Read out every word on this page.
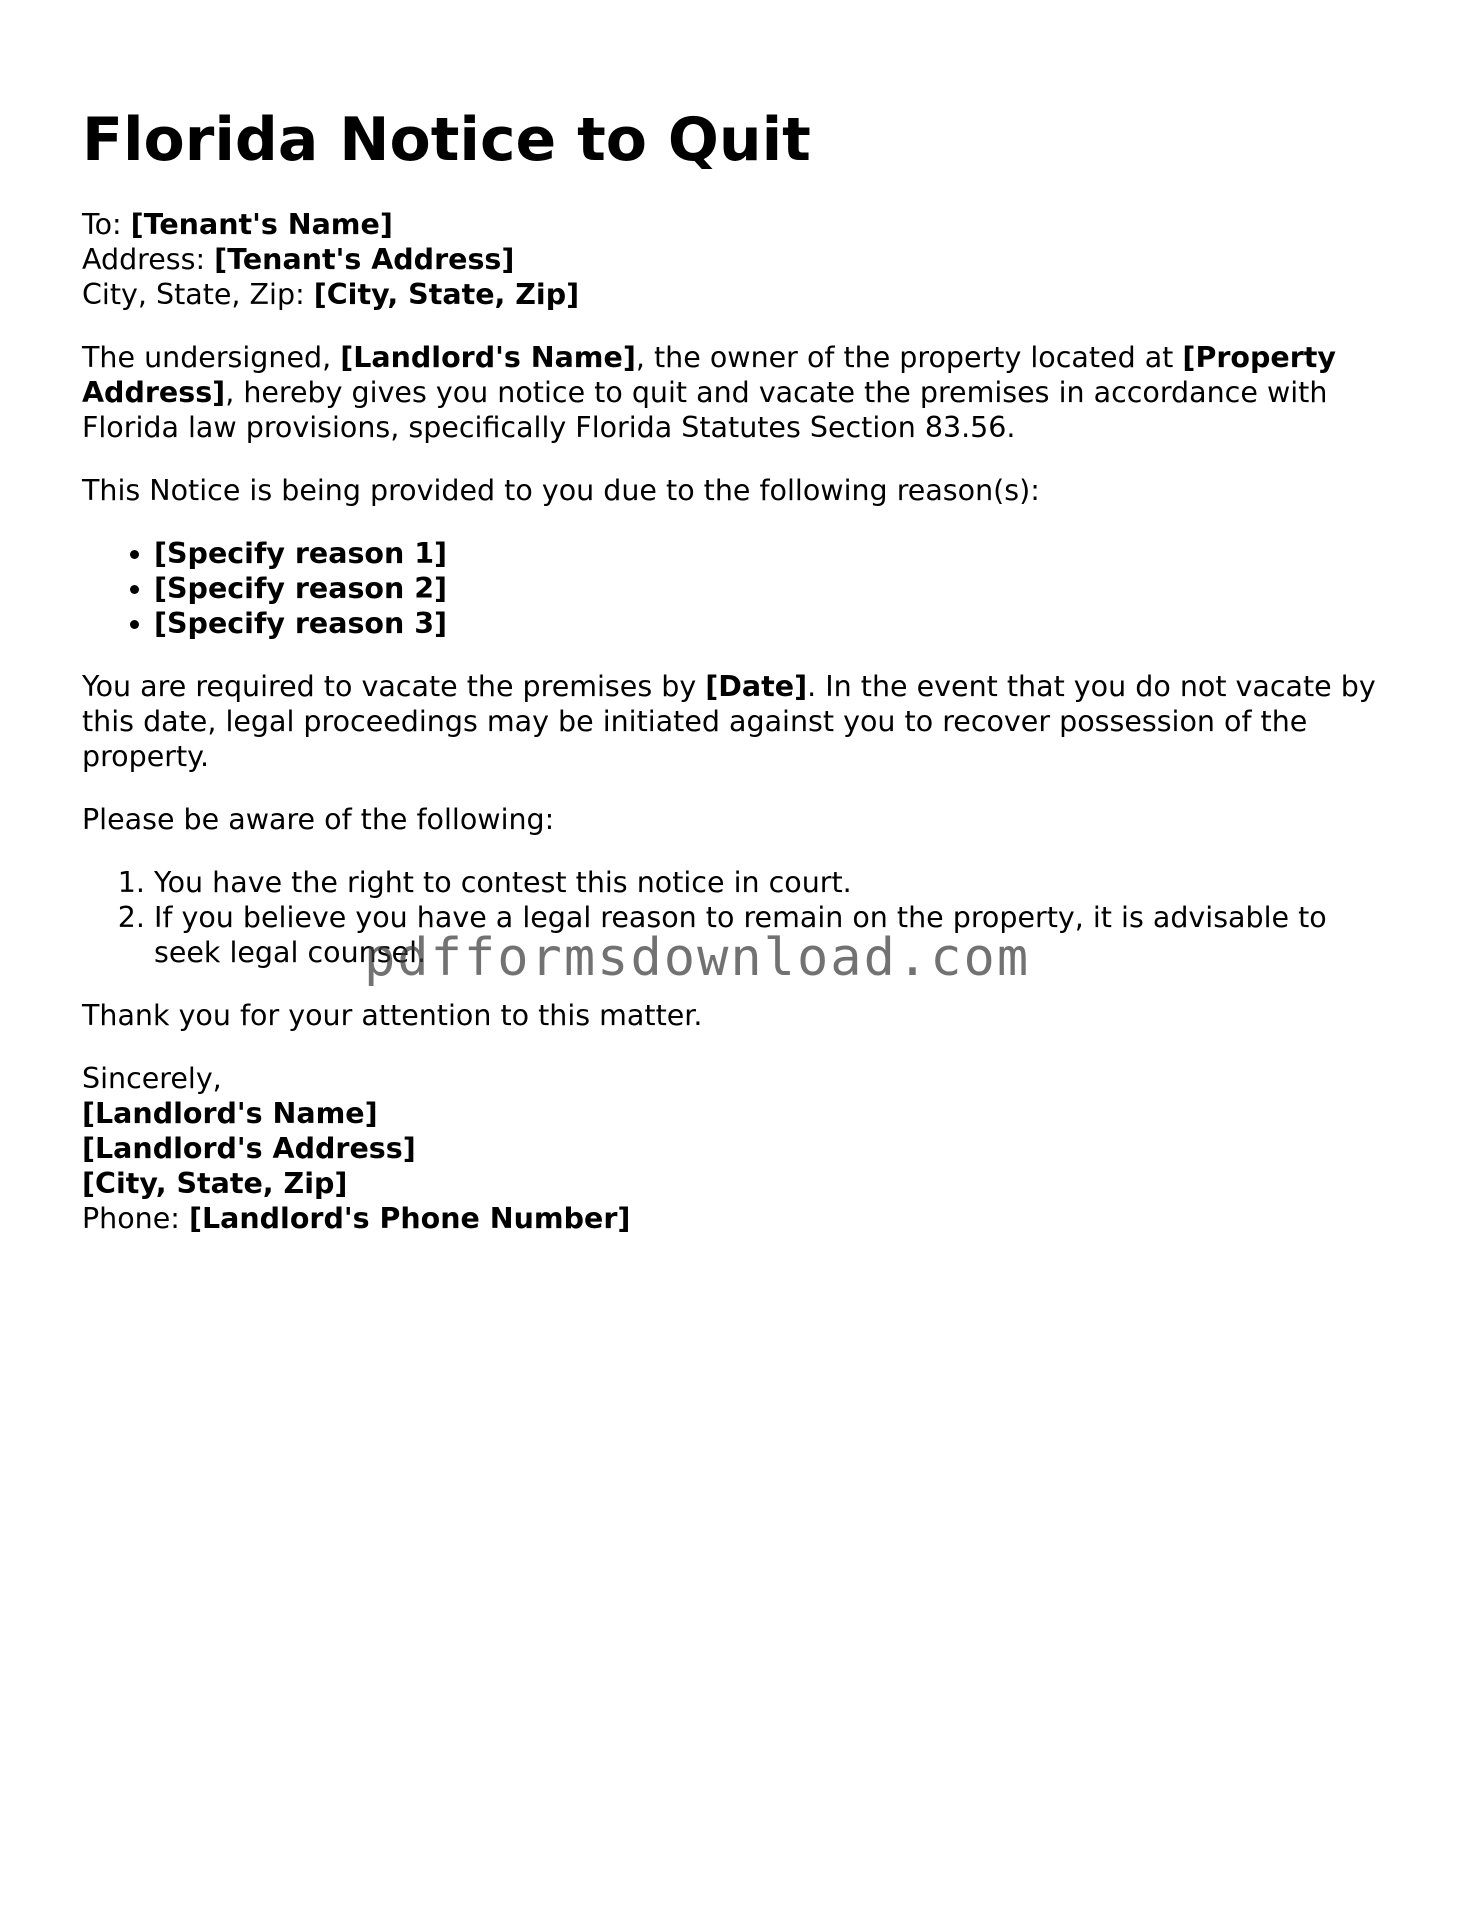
Florida Notice to Quit
To: [Tenant's Name]
Address: [Tenant's Address]
City, State, Zip: [City, State, Zip]

The undersigned, [Landlord's Name], the owner of the property located at [Property Address], hereby gives you notice to quit and vacate the premises in accordance with Florida law provisions, specifically Florida Statutes Section 83.56.

This Notice is being provided to you due to the following reason(s):

• [Specify reason 1]
• [Specify reason 2]
• [Specify reason 3]

You are required to vacate the premises by [Date]. In the event that you do not vacate by this date, legal proceedings may be initiated against you to recover possession of the property.

Please be aware of the following:

1. You have the right to contest this notice in court.
2. If you believe you have a legal reason to remain on the property, it is advisable to seek legal counsel.

Thank you for your attention to this matter.

Sincerely,
[Landlord's Name]
[Landlord's Address]
[City, State, Zip]
Phone: [Landlord's Phone Number]
pdfformsdownload.com
